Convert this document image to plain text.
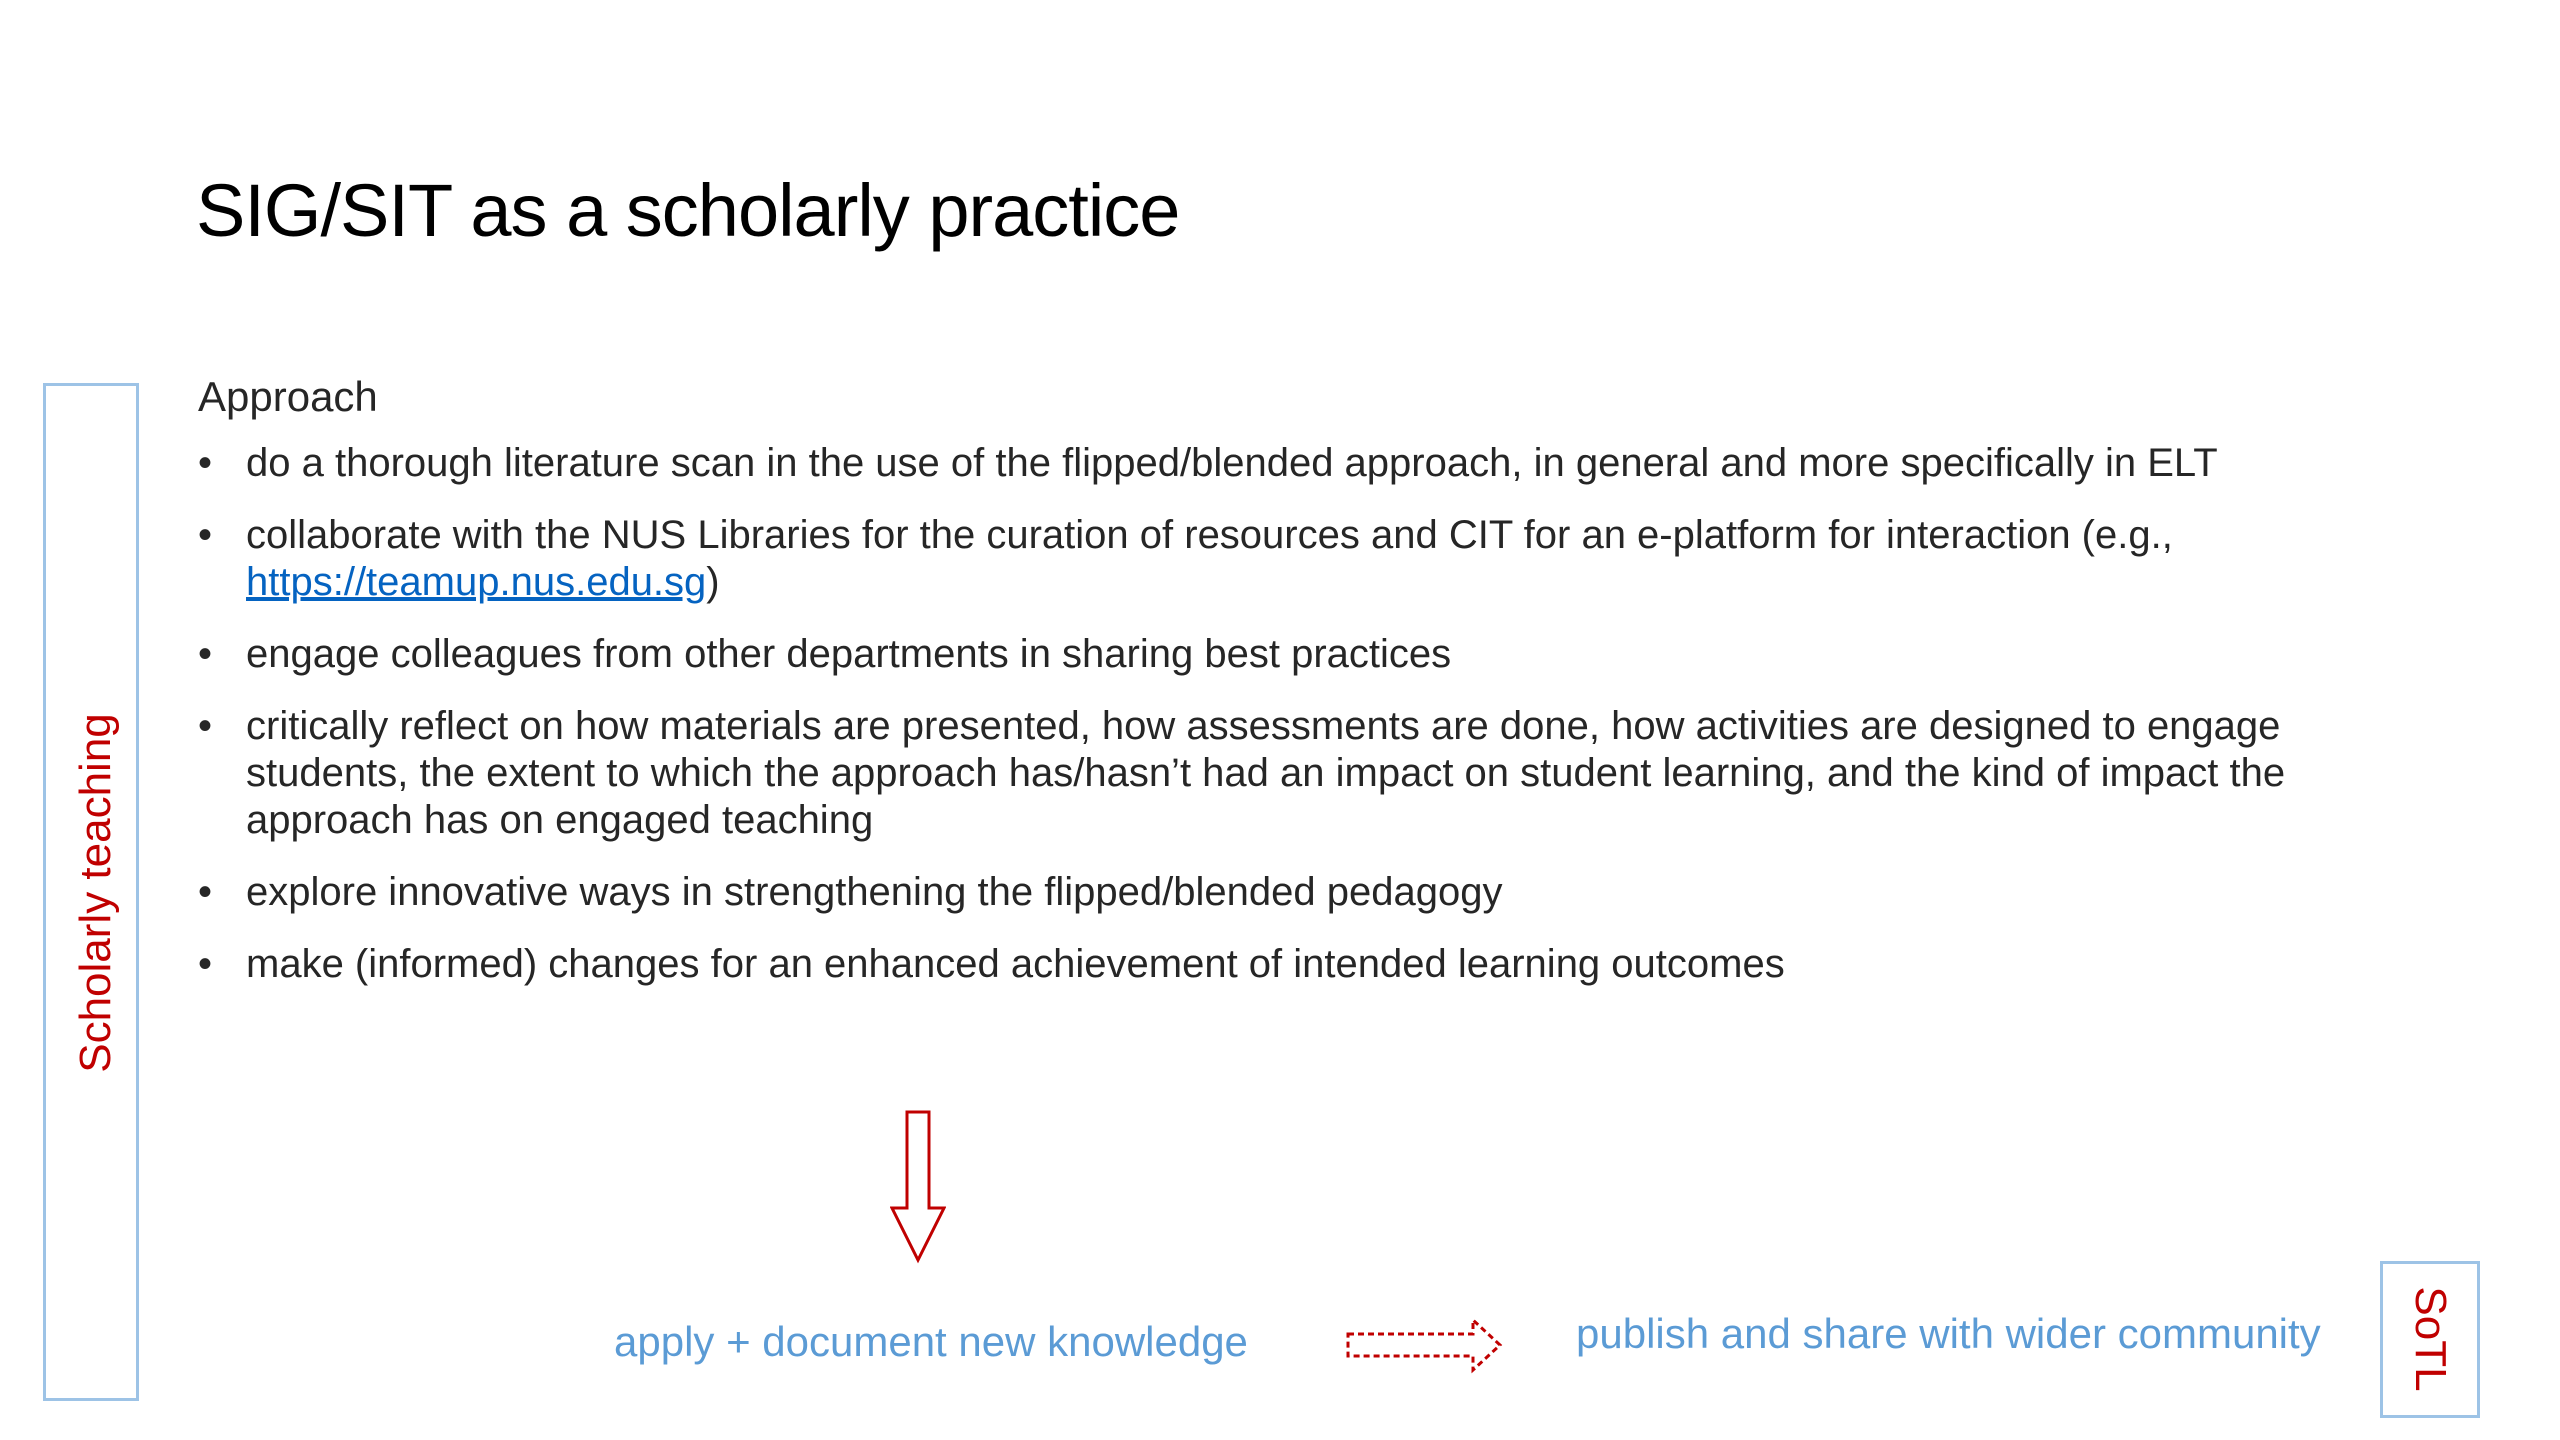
SIG/SIT as a scholarly practice
Scholarly teaching
Approach
• do a thorough literature scan in the use of the flipped/blended approach, in general and more specifically in ELT
• collaborate with the NUS Libraries for the curation of resources and CIT for an e-platform for interaction (e.g., https://teamup.nus.edu.sg)
• engage colleagues from other departments in sharing best practices
• critically reflect on how materials are presented, how assessments are done, how activities are designed to engage students, the extent to which the approach has/hasn’t had an impact on student learning, and the kind of impact the approach has on engaged teaching
• explore innovative ways in strengthening the flipped/blended pedagogy
• make (informed) changes for an enhanced achievement of intended learning outcomes
apply + document new knowledge	publish and share with wider community SoTL
